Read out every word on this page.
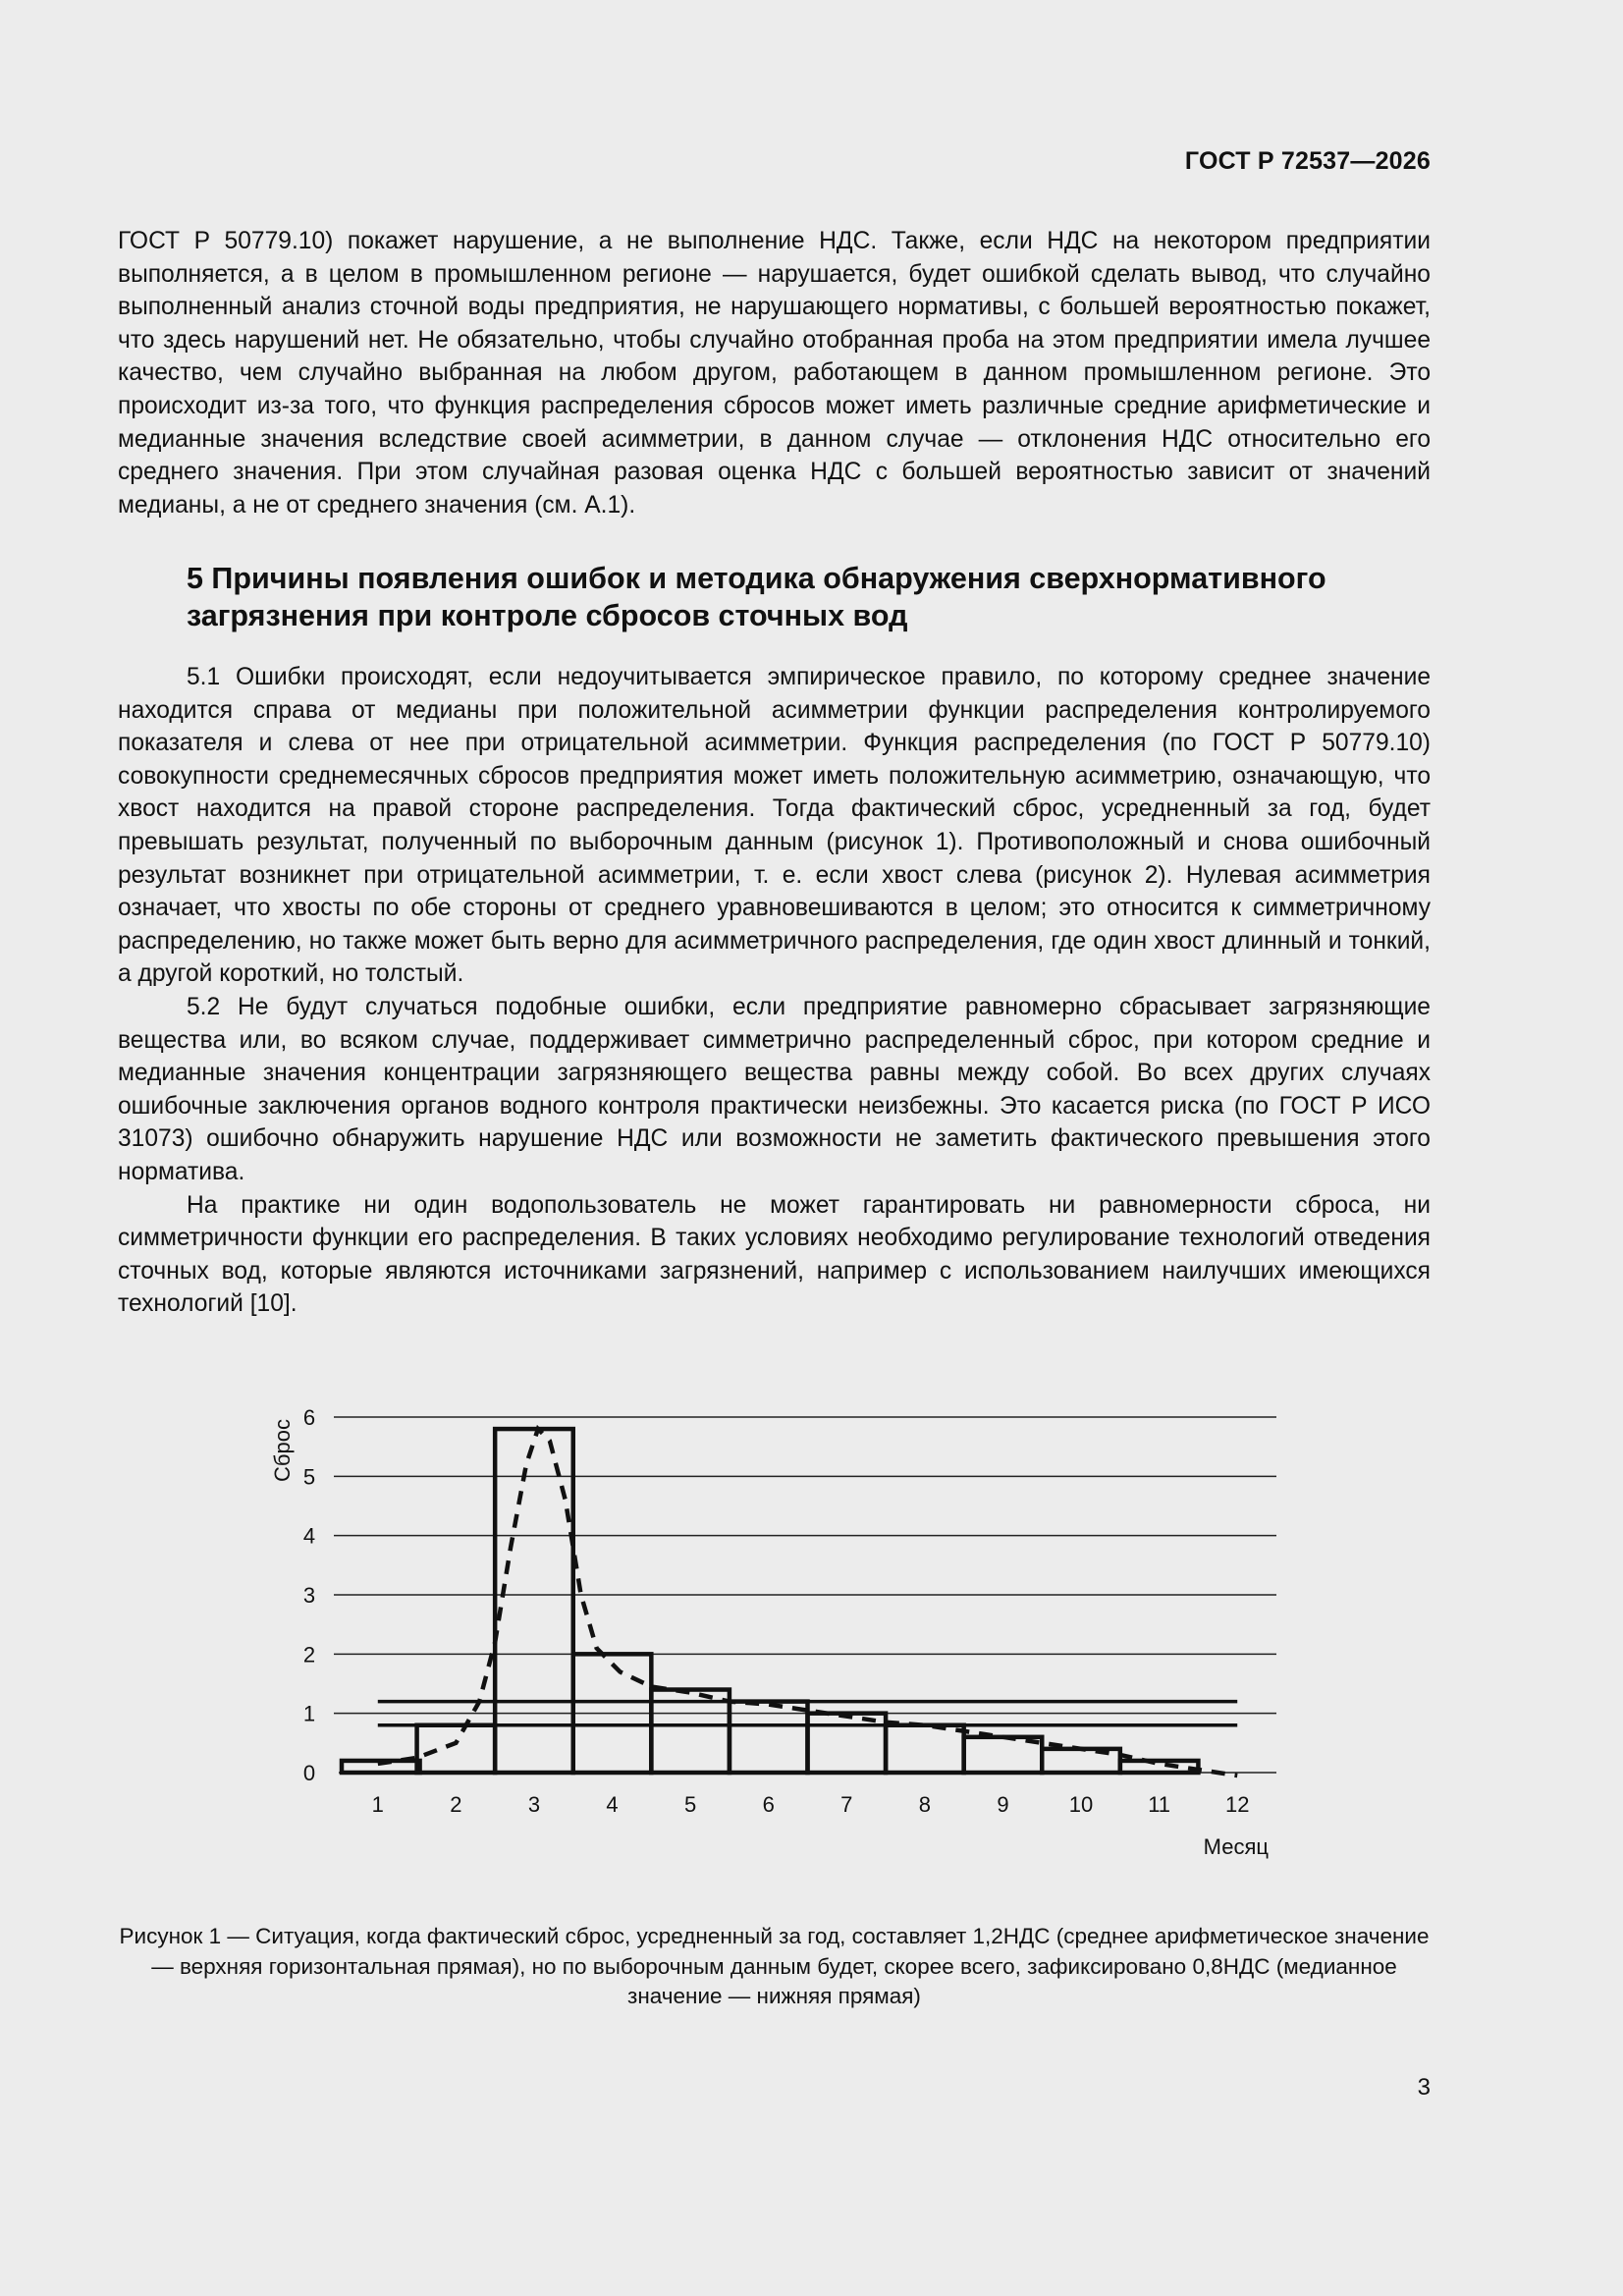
ГОСТ Р 72537—2026

ГОСТ Р 50779.10) покажет нарушение, а не выполнение НДС. Также, если НДС на некотором предприятии выполняется, а в целом в промышленном регионе — нарушается, будет ошибкой сделать вывод, что случайно выполненный анализ сточной воды предприятия, не нарушающего нормативы, с большей вероятностью покажет, что здесь нарушений нет. Не обязательно, чтобы случайно отобранная проба на этом предприятии имела лучшее качество, чем случайно выбранная на любом другом, работающем в данном промышленном регионе. Это происходит из-за того, что функция распределения сбросов может иметь различные средние арифметические и медианные значения вследствие своей асимметрии, в данном случае — отклонения НДС относительно его среднего значения. При этом случайная разовая оценка НДС с большей вероятностью зависит от значений медианы, а не от среднего значения (см. А.1).

5 Причины появления ошибок и методика обнаружения сверхнормативного загрязнения при контроле сбросов сточных вод

5.1 Ошибки происходят, если недоучитывается эмпирическое правило, по которому среднее значение находится справа от медианы при положительной асимметрии функции распределения контролируемого показателя и слева от нее при отрицательной асимметрии. Функция распределения (по ГОСТ Р 50779.10) совокупности среднемесячных сбросов предприятия может иметь положительную асимметрию, означающую, что хвост находится на правой стороне распределения. Тогда фактический сброс, усредненный за год, будет превышать результат, полученный по выборочным данным (рисунок 1). Противоположный и снова ошибочный результат возникнет при отрицательной асимметрии, т. е. если хвост слева (рисунок 2). Нулевая асимметрия означает, что хвосты по обе стороны от среднего уравновешиваются в целом; это относится к симметричному распределению, но также может быть верно для асимметричного распределения, где один хвост длинный и тонкий, а другой короткий, но толстый.

5.2 Не будут случаться подобные ошибки, если предприятие равномерно сбрасывает загрязняющие вещества или, во всяком случае, поддерживает симметрично распределенный сброс, при котором средние и медианные значения концентрации загрязняющего вещества равны между собой. Во всех других случаях ошибочные заключения органов водного контроля практически неизбежны. Это касается риска (по ГОСТ Р ИСО 31073) ошибочно обнаружить нарушение НДС или возможности не заметить фактического превышения этого норматива.

На практике ни один водопользователь не может гарантировать ни равномерности сброса, ни симметричности функции его распределения. В таких условиях необходимо регулирование технологий отведения сточных вод, которые являются источниками загрязнений, например с использованием наилучших имеющихся технологий [10].

0
1
2
3
4
5
6
1	2	3	4	5	6	7	8	9	10	11	12
Сброс
Месяц
Рисунок 1 — Ситуация, когда фактический сброс, усредненный за год, составляет 1,2НДС (среднее арифметическое значение — верхняя горизонтальная прямая), но по выборочным данным будет, скорее всего, зафиксировано 0,8НДС (медианное значение — нижняя прямая)
3
